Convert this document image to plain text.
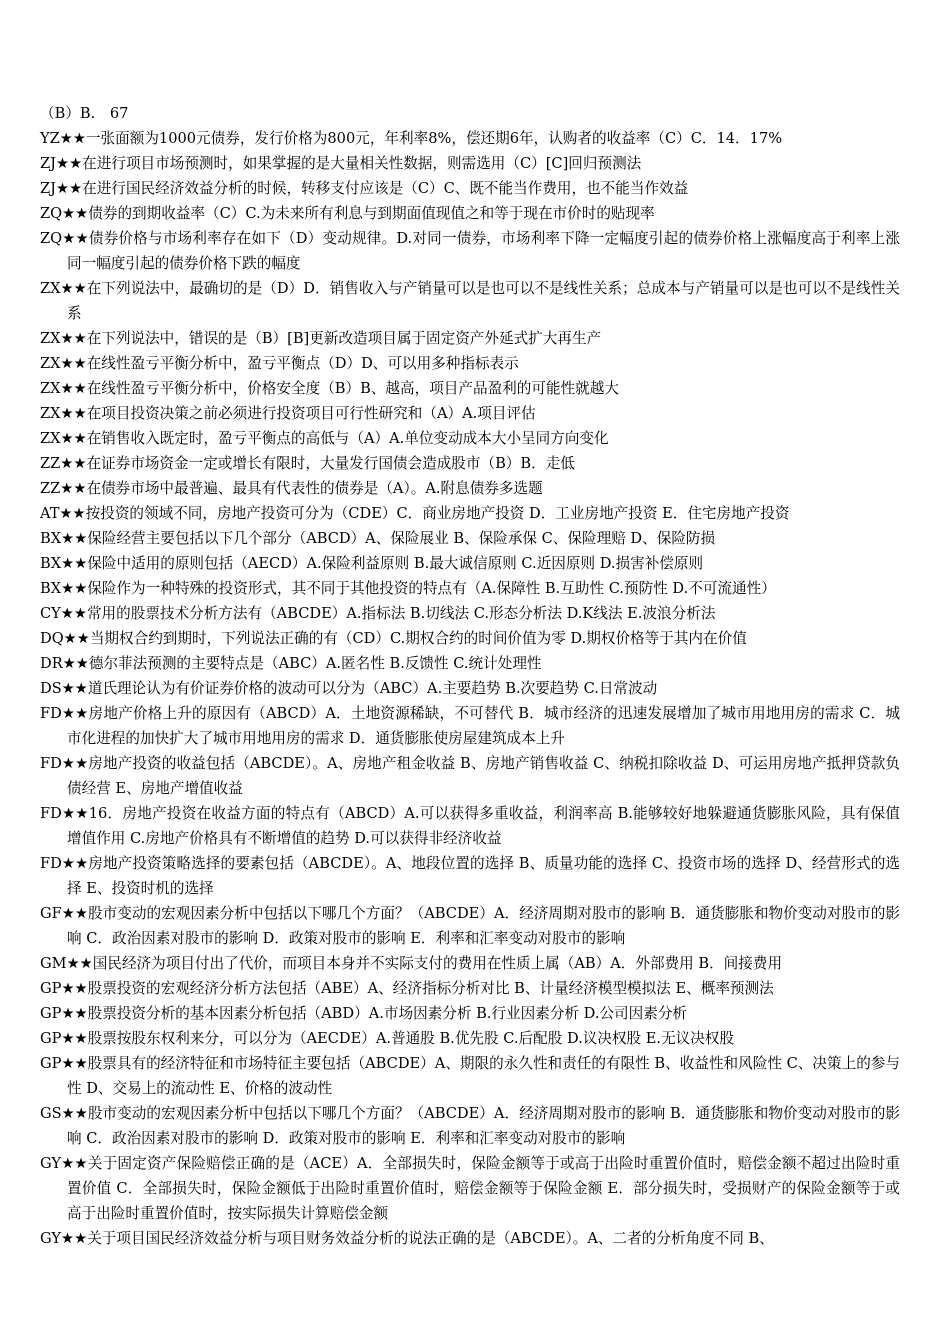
（B）B.　67

YZ★★一张面额为1000元债券，发行价格为800元，年利率8%，偿还期6年，认购者的收益率（C）C．14．17%

ZJ★★在进行项目市场预测时，如果掌握的是大量相关性数据，则需选用（C）[C]回归预测法

ZJ★★在进行国民经济效益分析的时候，转移支付应该是（C）C、既不能当作费用，也不能当作效益

ZQ★★债券的到期收益率（C）C.为未来所有利息与到期面值现值之和等于现在市价时的贴现率

ZQ★★债券价格与市场利率存在如下（D）变动规律。D.对同一债券，市场利率下降一定幅度引起的债券价格上涨幅度高于利率上涨同一幅度引起的债券价格下跌的幅度

ZX★★在下列说法中，最确切的是（D）D．销售收入与产销量可以是也可以不是线性关系；总成本与产销量可以是也可以不是线性关系

ZX★★在下列说法中，错误的是（B）[B]更新改造项目属于固定资产外延式扩大再生产

ZX★★在线性盈亏平衡分析中，盈亏平衡点（D）D、可以用多种指标表示

ZX★★在线性盈亏平衡分析中，价格安全度（B）B、越高，项目产品盈利的可能性就越大

ZX★★在项目投资决策之前必须进行投资项目可行性研究和（A）A.项目评估

ZX★★在销售收入既定时，盈亏平衡点的高低与（A）A.单位变动成本大小呈同方向变化

ZZ★★在证券市场资金一定或增长有限时，大量发行国债会造成股市（B）B．走低

ZZ★★在债券市场中最普遍、最具有代表性的债券是（A）。A.附息债券多选题

AT★★按投资的领域不同，房地产投资可分为（CDE）C．商业房地产投资 D．工业房地产投资 E．住宅房地产投资

BX★★保险经营主要包括以下几个部分（ABCD）A、保险展业 B、保险承保 C、保险理赔 D、保险防损

BX★★保险中适用的原则包括（AECD）A.保险利益原则 B.最大诚信原则 C.近因原则 D.损害补偿原则

BX★★保险作为一种特殊的投资形式，其不同于其他投资的特点有（A.保障性 B.互助性 C.预防性 D.不可流通性）

CY★★常用的股票技术分析方法有（ABCDE）A.指标法 B.切线法 C.形态分析法 D.K线法 E.波浪分析法

DQ★★当期权合约到期时，下列说法正确的有（CD）C.期权合约的时间价值为零 D.期权价格等于其内在价值

DR★★德尔菲法预测的主要特点是（ABC）A.匿名性 B.反馈性 C.统计处理性

DS★★道氏理论认为有价证券价格的波动可以分为（ABC）A.主要趋势 B.次要趋势 C.日常波动

FD★★房地产价格上升的原因有（ABCD）A．土地资源稀缺，不可替代 B．城市经济的迅速发展增加了城市用地用房的需求 C．城市化进程的加快扩大了城市用地用房的需求 D．通货膨胀使房屋建筑成本上升

FD★★房地产投资的收益包括（ABCDE）。A、房地产租金收益 B、房地产销售收益 C、纳税扣除收益 D、可运用房地产抵押贷款负债经营 E、房地产增值收益

FD★★16．房地产投资在收益方面的特点有（ABCD）A.可以获得多重收益，利润率高 B.能够较好地躲避通货膨胀风险，具有保值增值作用 C.房地产价格具有不断增值的趋势 D.可以获得非经济收益

FD★★房地产投资策略选择的要素包括（ABCDE）。A、地段位置的选择 B、质量功能的选择 C、投资市场的选择 D、经营形式的选择 E、投资时机的选择

GF★★股市变动的宏观因素分析中包括以下哪几个方面？（ABCDE）A．经济周期对股市的影响 B．通货膨胀和物价变动对股市的影响 C．政治因素对股市的影响 D．政策对股市的影响 E．利率和汇率变动对股市的影响

GM★★国民经济为项目付出了代价，而项目本身并不实际支付的费用在性质上属（AB）A．外部费用 B．间接费用

GP★★股票投资的宏观经济分析方法包括（ABE）A、经济指标分析对比 B、计量经济模型模拟法 E、概率预测法

GP★★股票投资分析的基本因素分析包括（ABD）A.市场因素分析 B.行业因素分析 D.公司因素分析

GP★★股票按股东权利来分，可以分为（AECDE）A.普通股 B.优先股 C.后配股 D.议决权股 E.无议决权股

GP★★股票具有的经济特征和市场特征主要包括（ABCDE）A、期限的永久性和责任的有限性 B、收益性和风险性 C、决策上的参与性 D、交易上的流动性 E、价格的波动性

GS★★股市变动的宏观因素分析中包括以下哪几个方面？（ABCDE）A．经济周期对股市的影响 B．通货膨胀和物价变动对股市的影响 C．政治因素对股市的影响 D．政策对股市的影响 E．利率和汇率变动对股市的影响

GY★★关于固定资产保险赔偿正确的是（ACE）A．全部损失时，保险金额等于或高于出险时重置价值时，赔偿金额不超过出险时重置价值 C．全部损失时，保险金额低于出险时重置价值时，赔偿金额等于保险金额 E．部分损失时，受损财产的保险金额等于或高于出险时重置价值时，按实际损失计算赔偿金额

GY★★关于项目国民经济效益分析与项目财务效益分析的说法正确的是（ABCDE）。A、二者的分析角度不同 B、
